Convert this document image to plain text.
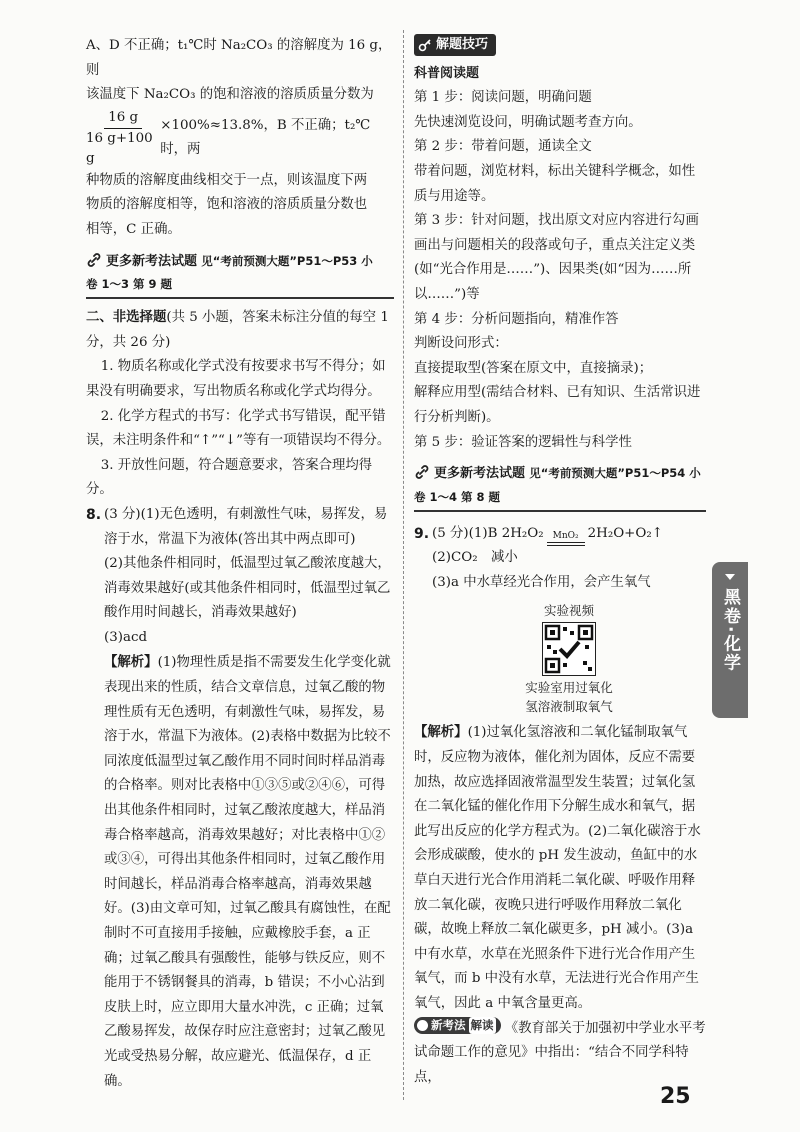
A、D 不正确；t₁℃时 Na₂CO₃ 的溶解度为 16 g，则

该温度下 Na₂CO₃ 的饱和溶液的溶质质量分数为

$\frac{16 g}{16 g+100 g} \times 100\%\approx 13.8\%$，B 不正确；t₂℃时，两

种物质的溶解度曲线相交于一点，则该温度下两

物质的溶解度相等，饱和溶液的溶质质量分数也

相等，C 正确。

更多新考法试题 见“考前预测大题”P51～P53 小
卷 1～3 第 9 题

二、非选择题(共 5 小题，答案未标注分值的每空 1 分，共 26 分)

1. 物质名称或化学式没有按要求书写不得分；如果没有明确要求，写出物质名称或化学式均得分。

2. 化学方程式的书写：化学式书写错误，配平错误，未注明条件和“↑”“↓”等有一项错误均不得分。

3. 开放性问题，符合题意要求，答案合理均得分。

8. (3 分)(1)无色透明，有刺激性气味，易挥发，易溶于水，常温下为液体(答出其中两点即可)

(2)其他条件相同时，低温型过氧乙酸浓度越大，消毒效果越好(或其他条件相同时，低温型过氧乙酸作用时间越长，消毒效果越好)

(3)acd

【解析】(1)物理性质是指不需要发生化学变化就表现出来的性质，结合文章信息，过氧乙酸的物理性质有无色透明，有刺激性气味，易挥发，易溶于水，常温下为液体。(2)表格中数据为比较不同浓度低温型过氧乙酸作用不同时间时样品消毒的合格率。则对比表格中①③⑤或②④⑥，可得出其他条件相同时，过氧乙酸浓度越大，样品消毒合格率越高，消毒效果越好；对比表格中①②或③④，可得出其他条件相同时，过氧乙酸作用时间越长，样品消毒合格率越高，消毒效果越好。(3)由文章可知，过氧乙酸具有腐蚀性，在配制时不可直接用手接触，应戴橡胶手套，a 正确；过氧乙酸具有强酸性，能够与铁反应，则不能用于不锈钢餐具的消毒，b 错误；不小心沾到皮肤上时，应立即用大量水冲洗，c 正确；过氧乙酸易挥发，故保存时应注意密封；过氧乙酸见光或受热易分解，故应避光、低温保存，d 正确。

解题技巧

科普阅读题

第 1 步：阅读问题，明确问题

先快速浏览设问，明确试题考查方向。

第 2 步：带着问题，通读全文

带着问题，浏览材料，标出关键科学概念，如性质与用途等。

第 3 步：针对问题，找出原文对应内容进行勾画

画出与问题相关的段落或句子，重点关注定义类(如“光合作用是……”)、因果类(如“因为……所以……”)等

第 4 步：分析问题指向，精准作答

判断设问形式：

直接提取型(答案在原文中，直接摘录)；

解释应用型(需结合材料、已有知识、生活常识进行分析判断)。

第 5 步：验证答案的逻辑性与科学性

更多新考法试题 见“考前预测大题”P51～P54 小
卷 1～4 第 8 题
9. (5 分)(1)B 2H₂O₂ MnO₂ 2H₂O+O₂↑

(2)CO₂　减小

(3)a 中水草经光合作用，会产生氧气

实验视频
实验室用过氧化氢溶液制取氧气

【解析】(1)过氧化氢溶液和二氧化锰制取氧气时，反应物为液体，催化剂为固体，反应不需要加热，故应选择固液常温型发生装置；过氧化氢在二氧化锰的催化作用下分解生成水和氧气，据此写出反应的化学方程式为。(2)二氧化碳溶于水会形成碳酸，使水的 pH 发生波动，鱼缸中的水草白天进行光合作用消耗二氧化碳、呼吸作用释放二氧化碳，夜晚只进行呼吸作用释放二氧化碳，故晚上释放二氧化碳更多，pH 减小。(3)a 中有水草，水草在光照条件下进行光合作用产生氧气，而 b 中没有水草，无法进行光合作用产生氧气，因此 a 中氧含量更高。

新考法 解读 《教育部关于加强初中学业水平考试命题工作的意见》中指出：“结合不同学科特点，

黑卷·化学
25
